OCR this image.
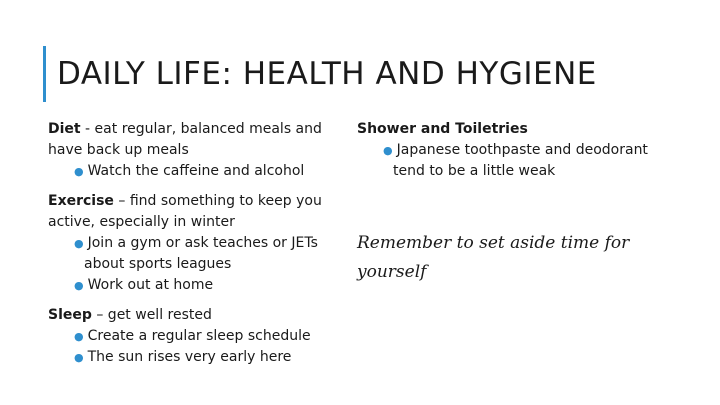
DAILY LIFE: HEALTH AND HYGIENE
Diet - eat regular, balanced meals and
have back up meals
● Watch the caffeine and alcohol
Exercise – find something to keep you
active, especially in winter
● Join a gym or ask teaches or JETs
about sports leagues
● Work out at home
Sleep – get well rested
● Create a regular sleep schedule
● The sun rises very early here
Shower and Toiletries
● Japanese toothpaste and deodorant
tend to be a little weak
Remember to set aside time for
yourself
